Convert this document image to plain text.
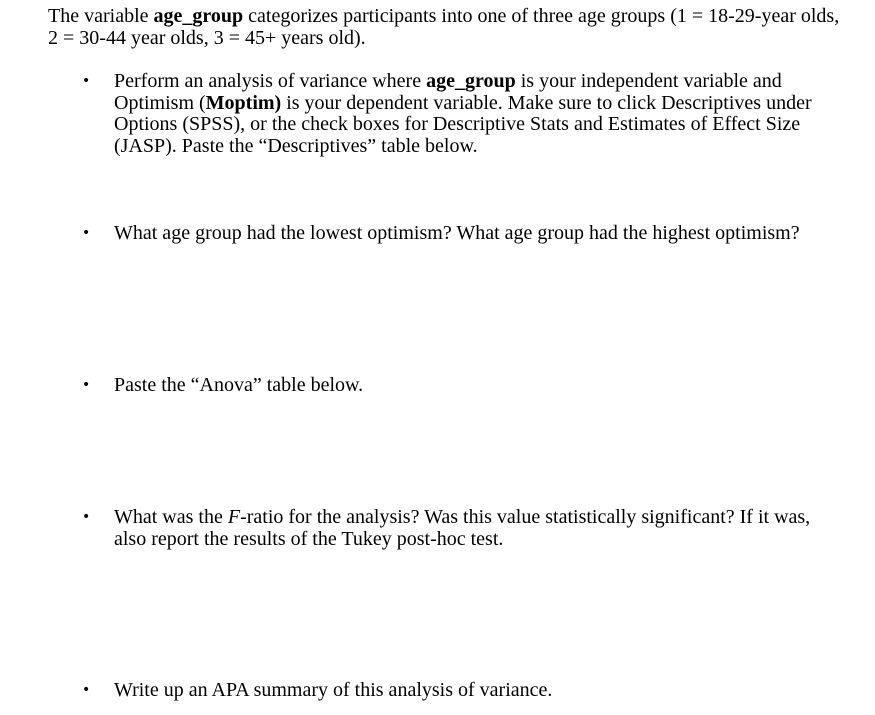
The variable age_group categorizes participants into one of three age groups (1 = 18-29-year olds, 2 = 30-44 year olds, 3 = 45+ years old).

• Perform an analysis of variance where age_group is your independent variable and Optimism (Moptim) is your dependent variable. Make sure to click Descriptives under Options (SPSS), or the check boxes for Descriptive Stats and Estimates of Effect Size (JASP). Paste the “Descriptives” table below.

• What age group had the lowest optimism? What age group had the highest optimism?

• Paste the “Anova” table below.

• What was the F-ratio for the analysis? Was this value statistically significant? If it was, also report the results of the Tukey post-hoc test.

• Write up an APA summary of this analysis of variance.
